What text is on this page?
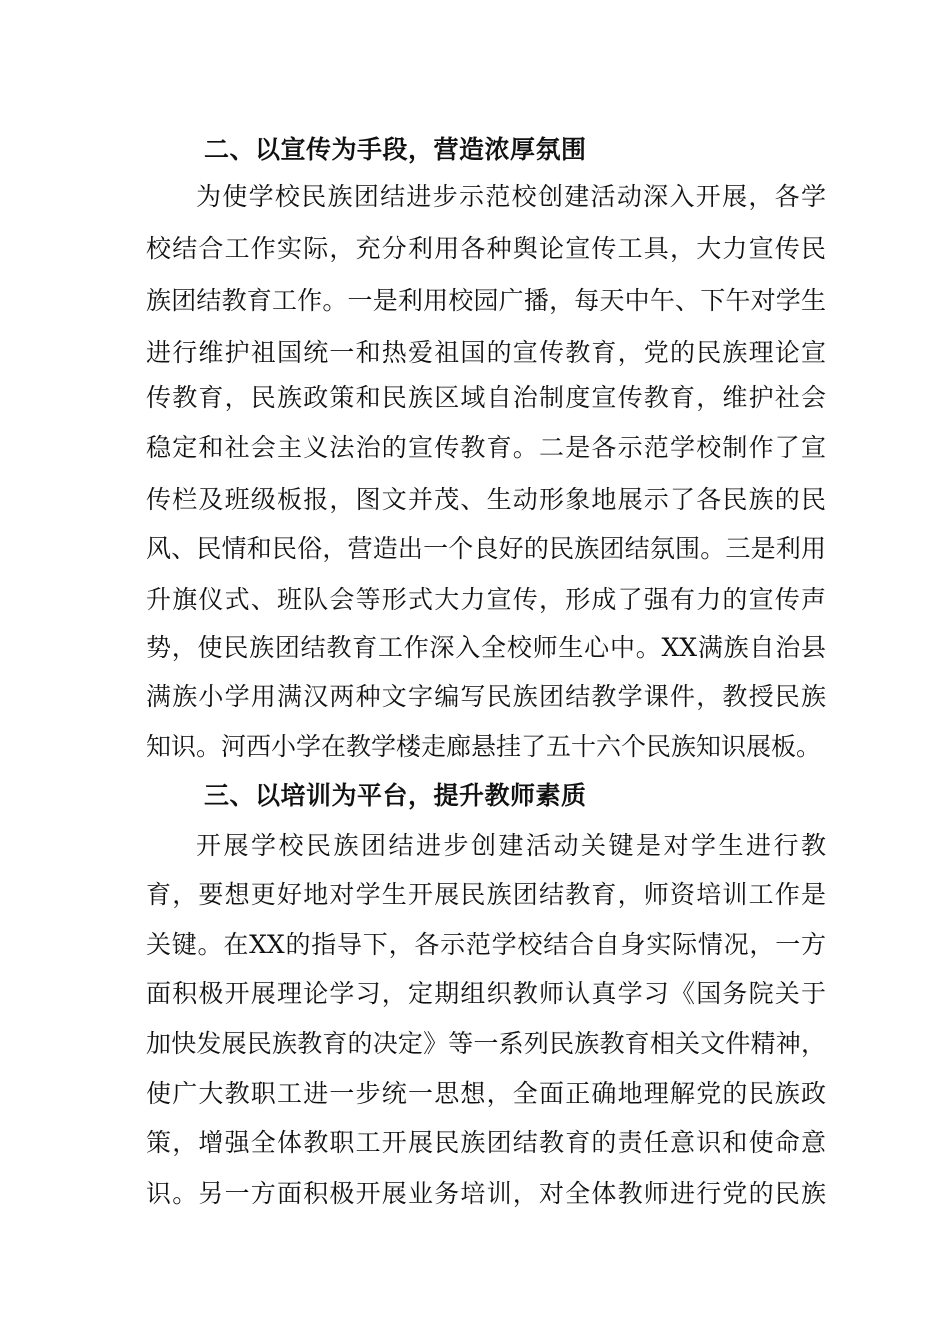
二、以宣传为手段，营造浓厚氛围
为使学校民族团结进步示范校创建活动深入开展，各学
校结合工作实际，充分利用各种舆论宣传工具，大力宣传民
族团结教育工作。一是利用校园广播，每天中午、下午对学生
进行维护祖国统一和热爱祖国的宣传教育，党的民族理论宣
传教育，民族政策和民族区域自治制度宣传教育，维护社会
稳定和社会主义法治的宣传教育。二是各示范学校制作了宣
传栏及班级板报，图文并茂、生动形象地展示了各民族的民
风、民情和民俗，营造出一个良好的民族团结氛围。三是利用
升旗仪式、班队会等形式大力宣传，形成了强有力的宣传声
势，使民族团结教育工作深入全校师生心中。XX满族自治县
满族小学用满汉两种文字编写民族团结教学课件，教授民族
知识。河西小学在教学楼走廊悬挂了五十六个民族知识展板。
三、以培训为平台，提升教师素质
开展学校民族团结进步创建活动关键是对学生进行教
育，要想更好地对学生开展民族团结教育，师资培训工作是
关键。在XX的指导下，各示范学校结合自身实际情况，一方
面积极开展理论学习，定期组织教师认真学习《国务院关于
加快发展民族教育的决定》等一系列民族教育相关文件精神，
使广大教职工进一步统一思想，全面正确地理解党的民族政
策，增强全体教职工开展民族团结教育的责任意识和使命意
识。另一方面积极开展业务培训，对全体教师进行党的民族
